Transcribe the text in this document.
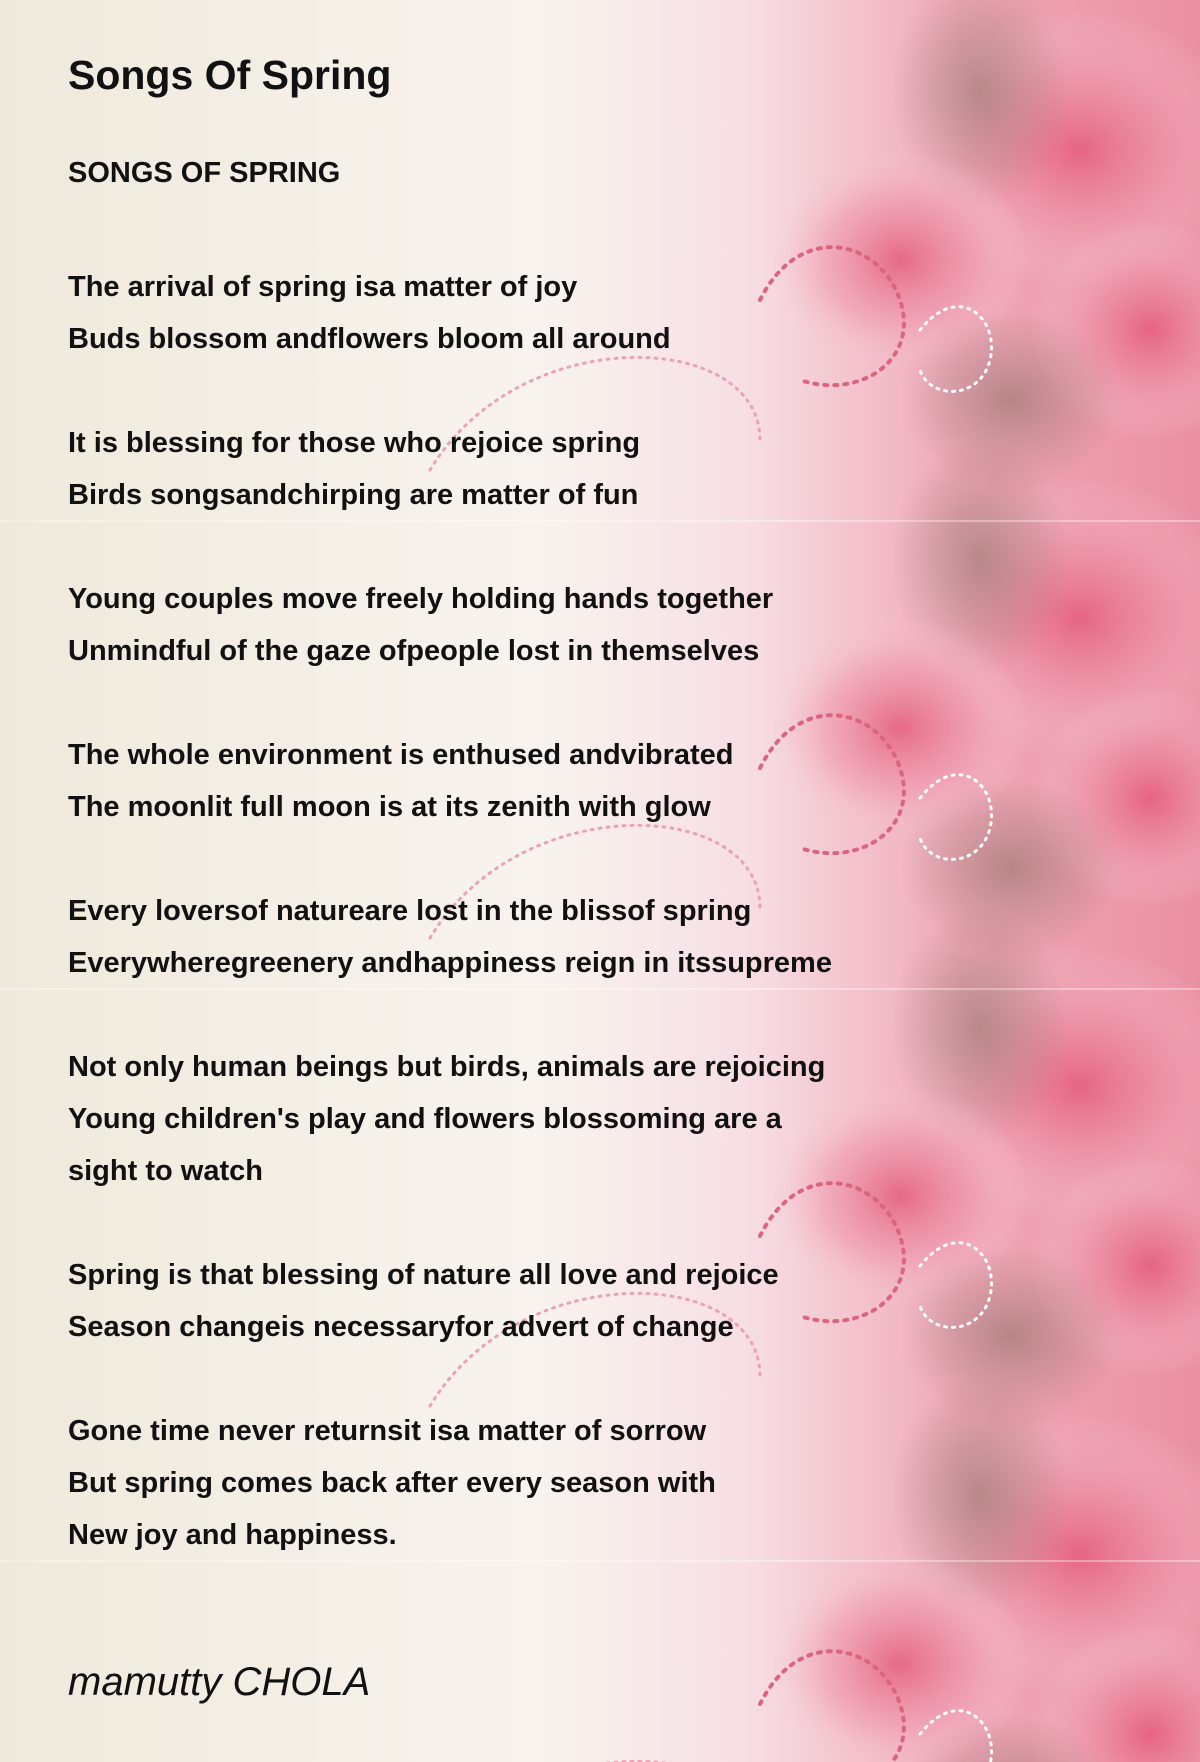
Songs Of Spring

SONGS OF SPRING

The arrival of spring isa matter of joy
Buds blossom andflowers bloom all around
It is blessing for those who rejoice spring
Birds songsandchirping are matter of fun
Young couples move freely holding hands together
Unmindful of the gaze ofpeople lost in themselves
The whole environment is enthused andvibrated
The moonlit full moon is at its zenith with glow
Every loversof natureare lost in the blissof spring
Everywheregreenery andhappiness reign in itssupreme
Not only human beings but birds, animals are rejoicing
Young children's play and flowers blossoming are a
sight to watch
Spring is that blessing of nature all love and rejoice
Season changeis necessaryfor advert of change
Gone time never returnsit isa matter of sorrow
But spring comes back after every season with
New joy and happiness.

mamutty CHOLA
